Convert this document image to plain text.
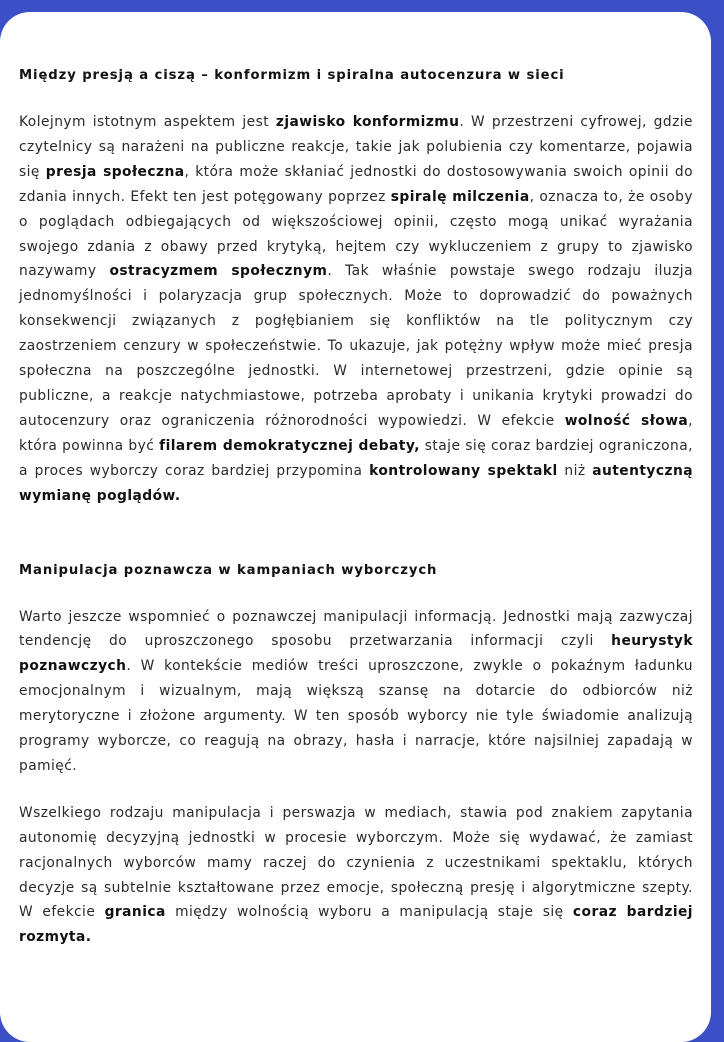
Między presją a ciszą – konformizm i spiralna autocenzura w sieci

Kolejnym istotnym aspektem jest zjawisko konformizmu. W przestrzeni cyfrowej, gdzie czytelnicy są narażeni na publiczne reakcje, takie jak polubienia czy komentarze, pojawia się presja społeczna, która może skłaniać jednostki do dostosowywania swoich opinii do zdania innych. Efekt ten jest potęgowany poprzez spiralę milczenia, oznacza to, że osoby o poglądach odbiegających od większościowej opinii, często mogą unikać wyrażania swojego zdania z obawy przed krytyką, hejtem czy wykluczeniem z grupy to zjawisko nazywamy ostracyzmem społecznym. Tak właśnie powstaje swego rodzaju iluzja jednomyślności i polaryzacja grup społecznych. Może to doprowadzić do poważnych konsekwencji związanych z pogłębianiem się konfliktów na tle politycznym czy zaostrzeniem cenzury w społeczeństwie. To ukazuje, jak potężny wpływ może mieć presja społeczna na poszczególne jednostki. W internetowej przestrzeni, gdzie opinie są publiczne, a reakcje natychmiastowe, potrzeba aprobaty i unikania krytyki prowadzi do autocenzury oraz ograniczenia różnorodności wypowiedzi. W efekcie wolność słowa, która powinna być filarem demokratycznej debaty, staje się coraz bardziej ograniczona, a proces wyborczy coraz bardziej przypomina kontrolowany spektakl niż autentyczną wymianę poglądów.

Manipulacja poznawcza w kampaniach wyborczych

Warto jeszcze wspomnieć o poznawczej manipulacji informacją. Jednostki mają zazwyczaj tendencję do uproszczonego sposobu przetwarzania informacji czyli heurystyk poznawczych. W kontekście mediów treści uproszczone, zwykle o pokaźnym ładunku emocjonalnym i wizualnym, mają większą szansę na dotarcie do odbiorców niż merytoryczne i złożone argumenty. W ten sposób wyborcy nie tyle świadomie analizują programy wyborcze, co reagują na obrazy, hasła i narracje, które najsilniej zapadają w pamięć.

Wszelkiego rodzaju manipulacja i perswazja w mediach, stawia pod znakiem zapytania autonomię decyzyjną jednostki w procesie wyborczym. Może się wydawać, że zamiast racjonalnych wyborców mamy raczej do czynienia z uczestnikami spektaklu, których decyzje są subtelnie kształtowane przez emocje, społeczną presję i algorytmiczne szepty. W efekcie granica między wolnością wyboru a manipulacją staje się coraz bardziej rozmyta.
